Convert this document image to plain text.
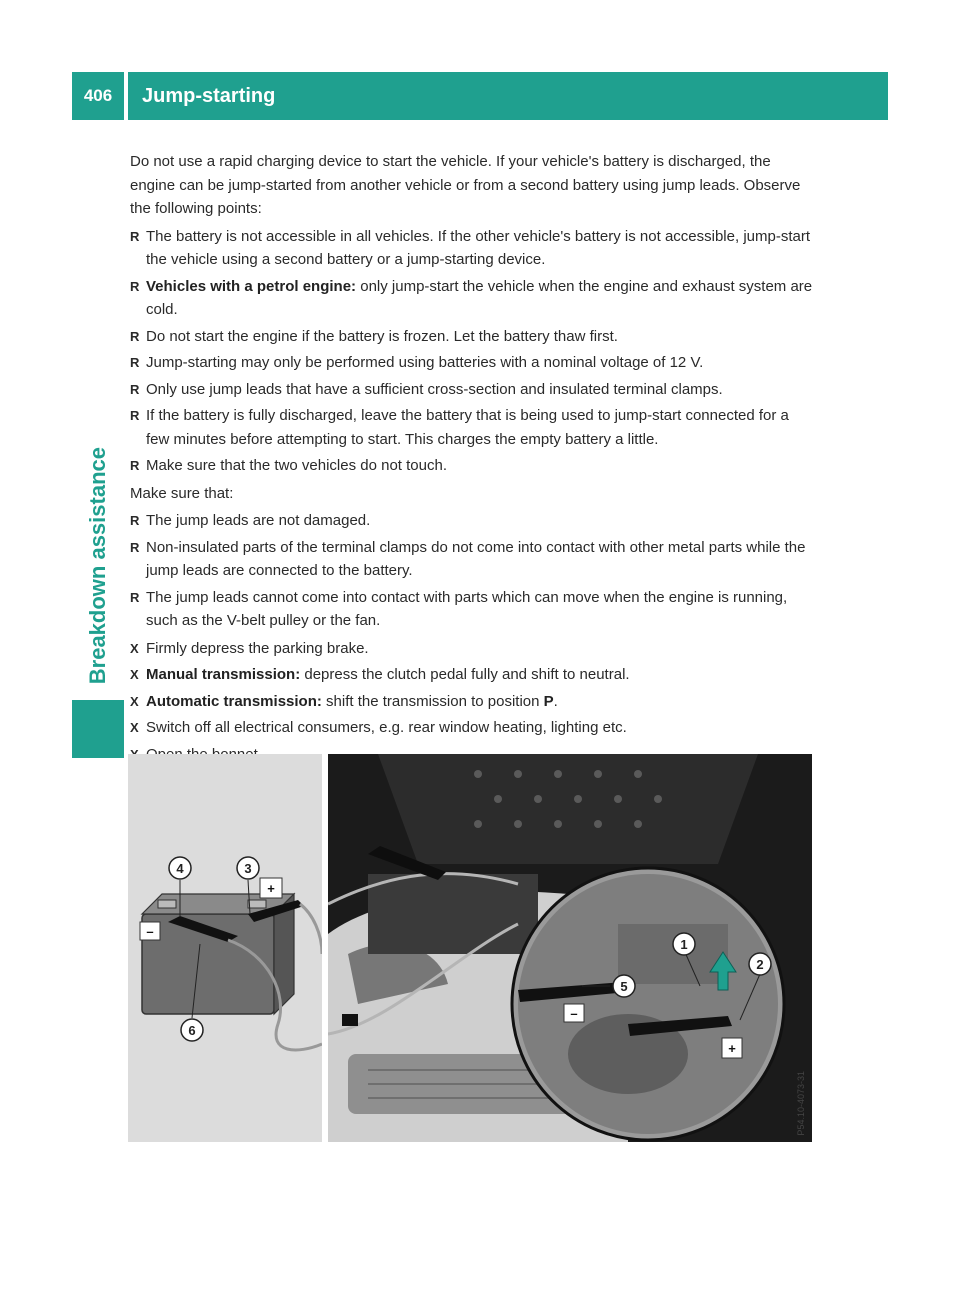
406	Jump-starting
Breakdown assistance

Do not use a rapid charging device to start the vehicle. If your vehicle's battery is discharged, the engine can be jump-started from another vehicle or from a second battery using jump leads. Observe the following points:

R The battery is not accessible in all vehicles. If the other vehicle's battery is not accessible, jump-start the vehicle using a second battery or a jump-starting device.
R Vehicles with a petrol engine: only jump-start the vehicle when the engine and exhaust system are cold.
R Do not start the engine if the battery is frozen. Let the battery thaw first.
R Jump-starting may only be performed using batteries with a nominal voltage of 12 V.
R Only use jump leads that have a sufficient cross-section and insulated terminal clamps.
R If the battery is fully discharged, leave the battery that is being used to jump-start connected for a few minutes before attempting to start. This charges the empty battery a little.
R Make sure that the two vehicles do not touch.

Make sure that:

R The jump leads are not damaged.
R Non-insulated parts of the terminal clamps do not come into contact with other metal parts while the jump leads are connected to the battery.
R The jump leads cannot come into contact with parts which can move when the engine is running, such as the V-belt pulley or the fan.
X Firmly depress the parking brake.
X Manual transmission: depress the clutch pedal fully and shift to neutral.
X Automatic transmission: shift the transmission to position P.
X Switch off all electrical consumers, e.g. rear window heating, lighting etc.
–
+
4	3
6
–
+
1
2
5
P54.10-4073-31
